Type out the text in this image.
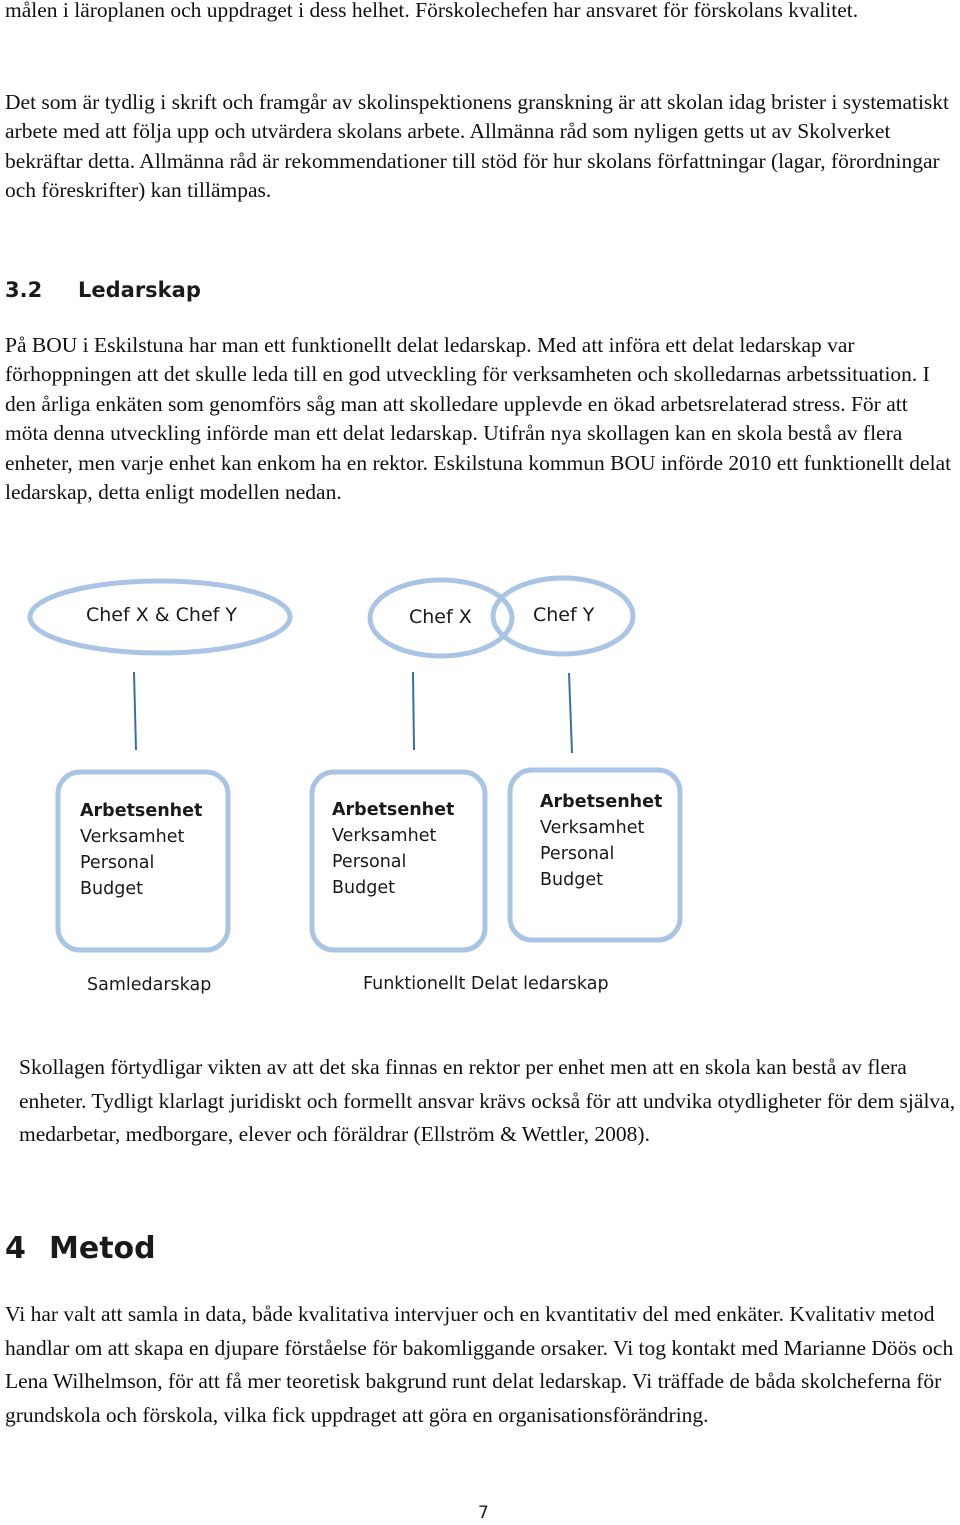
målen i läroplanen och uppdraget i dess helhet. Förskolechefen har ansvaret för förskolans kvalitet.

Det som är tydlig i skrift och framgår av skolinspektionens granskning är att skolan idag brister i systematiskt arbete med att följa upp och utvärdera skolans arbete. Allmänna råd som nyligen getts ut av Skolverket bekräftar detta. Allmänna råd är rekommendationer till stöd för hur skolans författningar (lagar, förordningar och föreskrifter) kan tillämpas.

3.2 Ledarskap

På BOU i Eskilstuna har man ett funktionellt delat ledarskap. Med att införa ett delat ledarskap var förhoppningen att det skulle leda till en god utveckling för verksamheten och skolledarnas arbetssituation. I den årliga enkäten som genomförs såg man att skolledare upplevde en ökad arbetsrelaterad stress. För att möta denna utveckling införde man ett delat ledarskap. Utifrån nya skollagen kan en skola bestå av flera enheter, men varje enhet kan enkom ha en rektor. Eskilstuna kommun BOU införde 2010 ett funktionellt delat ledarskap, detta enligt modellen nedan.

Chef X & Chef Y	Chef X	Chef Y
Arbetsenhet
Verksamhet
Personal
Budget
Arbetsenhet
Verksamhet
Personal
Budget
Arbetsenhet
Verksamhet
Personal
Budget
Samledarskap	Funktionellt Delat ledarskap

Skollagen förtydligar vikten av att det ska finnas en rektor per enhet men att en skola kan bestå av flera enheter. Tydligt klarlagt juridiskt och formellt ansvar krävs också för att undvika otydligheter för dem själva, medarbetar, medborgare, elever och föräldrar (Ellström & Wettler, 2008).

4 Metod

Vi har valt att samla in data, både kvalitativa intervjuer och en kvantitativ del med enkäter. Kvalitativ metod handlar om att skapa en djupare förståelse för bakomliggande orsaker. Vi tog kontakt med Marianne Döös och Lena Wilhelmson, för att få mer teoretisk bakgrund runt delat ledarskap. Vi träffade de båda skolcheferna för grundskola och förskola, vilka fick uppdraget att göra en organisationsförändring.

7
